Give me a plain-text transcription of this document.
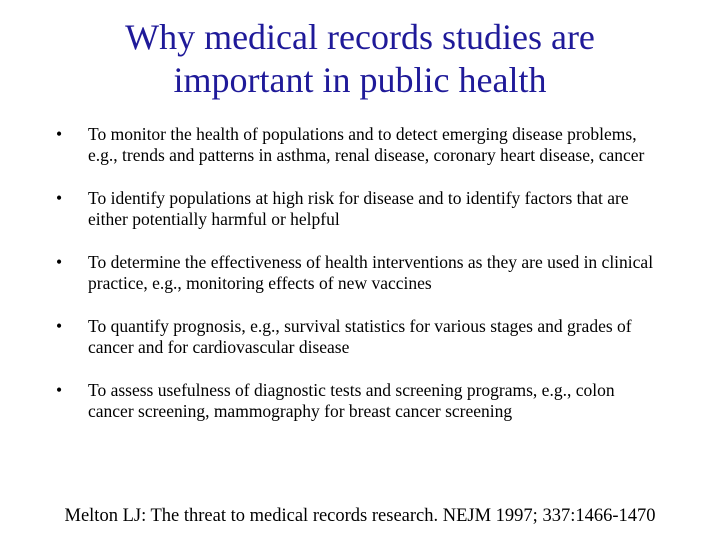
Why medical records studies are important in public health
•	To monitor the health of populations and to detect emerging disease problems, e.g., trends and patterns in asthma, renal disease, coronary heart disease, cancer
•	To identify populations at high risk for disease and to identify factors that are either potentially harmful or helpful
•	To determine the effectiveness of health interventions as they are used in clinical practice, e.g., monitoring effects of new vaccines
•	To quantify prognosis, e.g., survival statistics for various stages and grades of cancer and for cardiovascular disease
•	To assess usefulness of diagnostic tests and screening programs, e.g., colon cancer screening, mammography for breast cancer screening

Melton LJ: The threat to medical records research. NEJM 1997; 337:1466-1470
